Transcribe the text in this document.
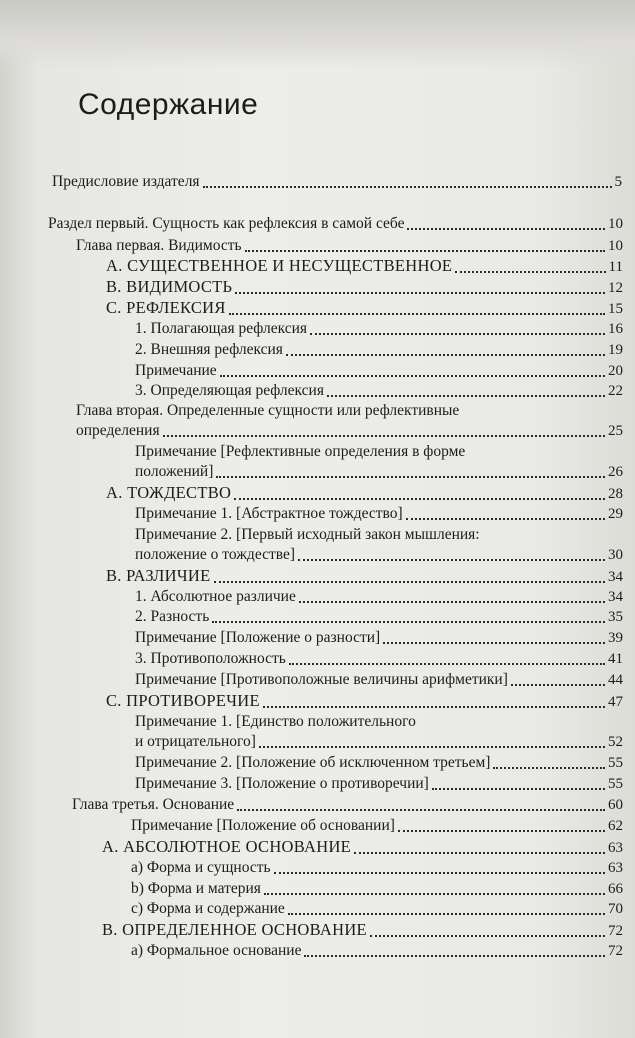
Содержание
Предисловие издателя	5
Раздел первый. Сущность как рефлексия в самой себе	10
Глава первая. Видимость	10
А. СУЩЕСТВЕННОЕ И НЕСУЩЕСТВЕННОЕ	11
В. ВИДИМОСТЬ	12
С. РЕФЛЕКСИЯ	15
1. Полагающая рефлексия	16
2. Внешняя рефлексия	19
Примечание	20
3. Определяющая рефлексия	22
Глава вторая. Определенные сущности или рефлективные
определения	25
Примечание [Рефлективные определения в форме
положений]	26
А. ТОЖДЕСТВО	28
Примечание 1. [Абстрактное тождество]	29
Примечание 2. [Первый исходный закон мышления:
положение о тождестве]	30
В. РАЗЛИЧИЕ	34
1. Абсолютное различие	34
2. Разность	35
Примечание [Положение о разности]	39
3. Противоположность	41
Примечание [Противоположные величины арифметики]	44
С. ПРОТИВОРЕЧИЕ	47
Примечание 1. [Единство положительного
и отрицательного]	52
Примечание 2. [Положение об исключенном третьем]	55
Примечание 3. [Положение о противоречии]	55
Глава третья. Основание	60
Примечание [Положение об основании]	62
А. АБСОЛЮТНОЕ ОСНОВАНИЕ	63
a) Форма и сущность	63
b) Форма и материя	66
с) Форма и содержание	70
В. ОПРЕДЕЛЕННОЕ ОСНОВАНИЕ	72
a) Формальное основание	72
